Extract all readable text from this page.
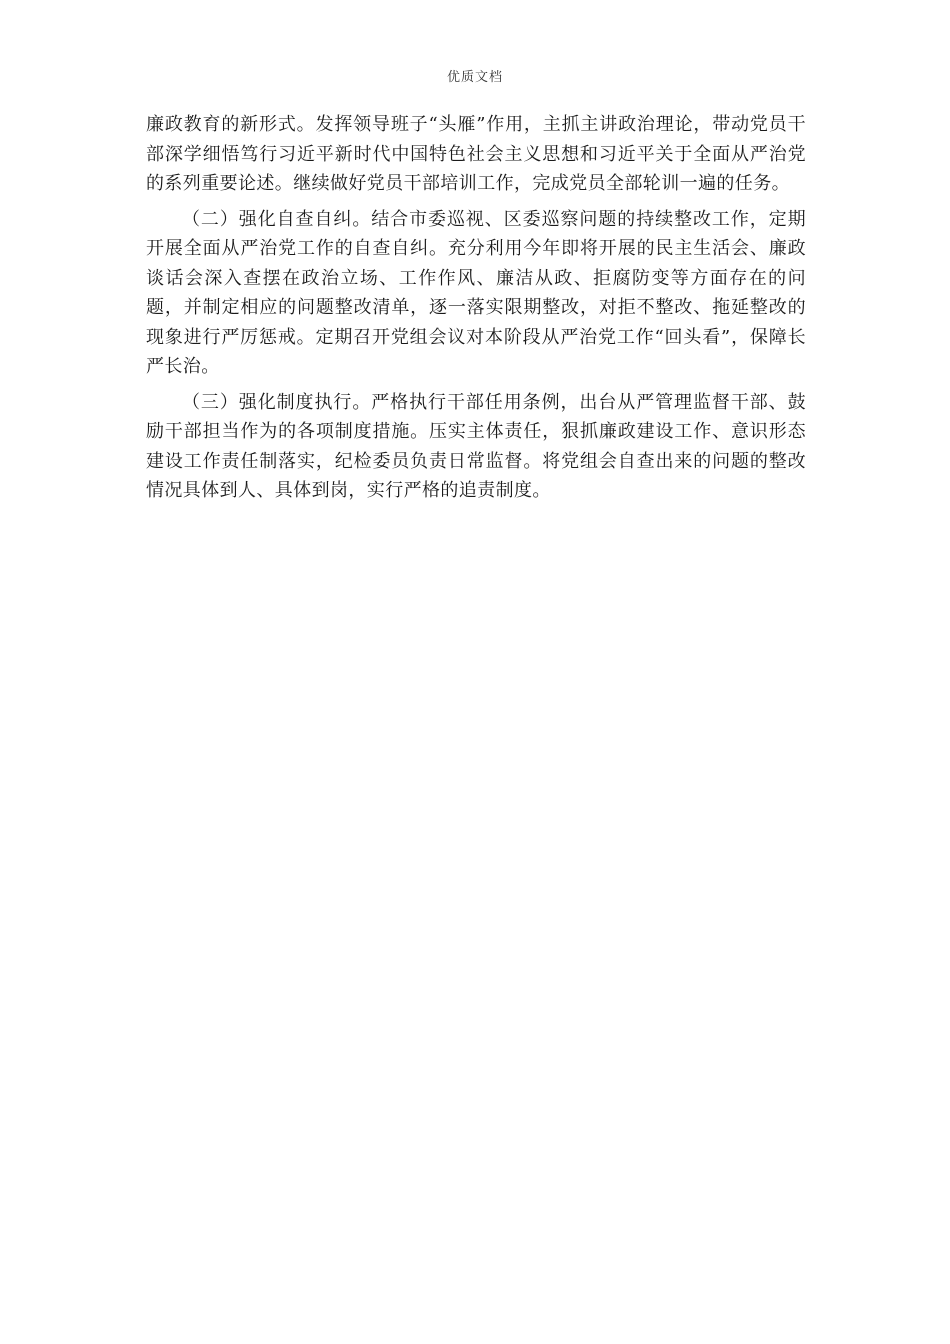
优质文档

廉政教育的新形式。发挥领导班子“头雁”作用，主抓主讲政治理论，带动党员干部深学细悟笃行习近平新时代中国特色社会主义思想和习近平关于全面从严治党的系列重要论述。继续做好党员干部培训工作，完成党员全部轮训一遍的任务。

（二）强化自查自纠。结合市委巡视、区委巡察问题的持续整改工作，定期开展全面从严治党工作的自查自纠。充分利用今年即将开展的民主生活会、廉政谈话会深入查摆在政治立场、工作作风、廉洁从政、拒腐防变等方面存在的问题，并制定相应的问题整改清单，逐一落实限期整改，对拒不整改、拖延整改的现象进行严厉惩戒。定期召开党组会议对本阶段从严治党工作“回头看”，保障长严长治。

（三）强化制度执行。严格执行干部任用条例，出台从严管理监督干部、鼓励干部担当作为的各项制度措施。压实主体责任，狠抓廉政建设工作、意识形态建设工作责任制落实，纪检委员负责日常监督。将党组会自查出来的问题的整改情况具体到人、具体到岗，实行严格的追责制度。
